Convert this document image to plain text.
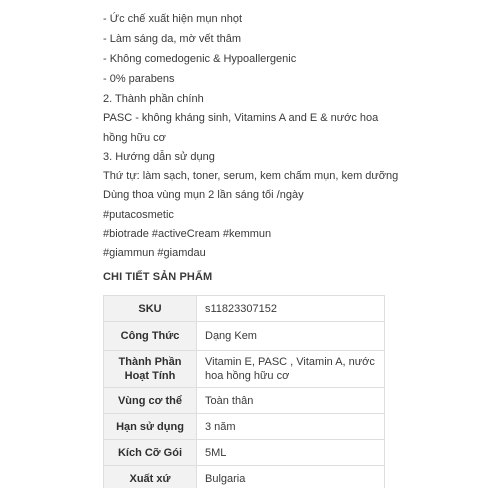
- Ức chế xuất hiện mụn nhọt
- Làm sáng da, mờ vết thâm
- Không comedogenic & Hypoallergenic
- 0% parabens
2. Thành phần chính
PASC - không kháng sinh, Vitamins A and E & nước hoa
hồng hữu cơ
3. Hướng dẫn sử dụng
Thứ tự: làm sạch, toner, serum, kem chấm mụn, kem dưỡng
Dùng thoa vùng mụn 2 lần sáng tối /ngày
#putacosmetic
#biotrade #activeCream #kemmun
#giammun #giamdau
CHI TIẾT SẢN PHẨM
SKU	s11823307152
Công Thức	Dạng Kem
Thành Phần Hoạt Tính	Vitamin E, PASC , Vitamin A, nước hoa hồng hữu cơ
Vùng cơ thể	Toàn thân
Hạn sử dụng	3 năm
Kích Cỡ Gói	5ML
Xuất xứ	Bulgaria
